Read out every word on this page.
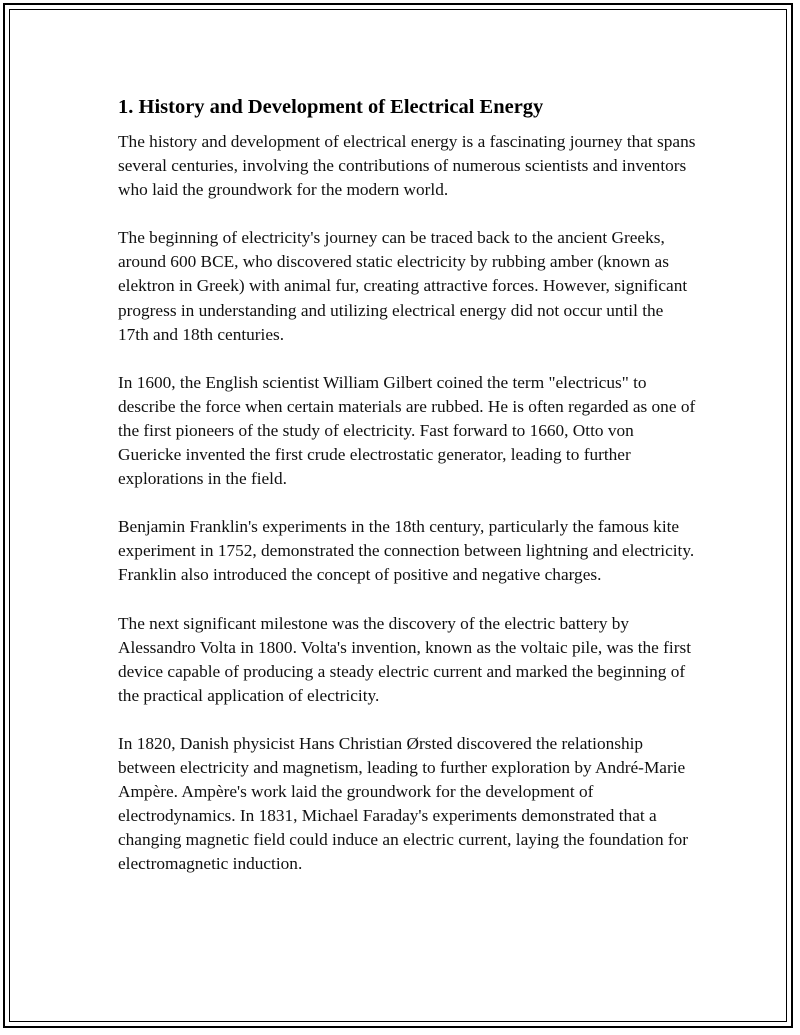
1. History and Development of Electrical Energy

The history and development of electrical energy is a fascinating journey that spans several centuries, involving the contributions of numerous scientists and inventors who laid the groundwork for the modern world.

The beginning of electricity's journey can be traced back to the ancient Greeks, around 600 BCE, who discovered static electricity by rubbing amber (known as elektron in Greek) with animal fur, creating attractive forces. However, significant progress in understanding and utilizing electrical energy did not occur until the 17th and 18th centuries.

In 1600, the English scientist William Gilbert coined the term "electricus" to describe the force when certain materials are rubbed. He is often regarded as one of the first pioneers of the study of electricity. Fast forward to 1660, Otto von Guericke invented the first crude electrostatic generator, leading to further explorations in the field.

Benjamin Franklin's experiments in the 18th century, particularly the famous kite experiment in 1752, demonstrated the connection between lightning and electricity. Franklin also introduced the concept of positive and negative charges.

The next significant milestone was the discovery of the electric battery by Alessandro Volta in 1800. Volta's invention, known as the voltaic pile, was the first device capable of producing a steady electric current and marked the beginning of the practical application of electricity.

In 1820, Danish physicist Hans Christian Ørsted discovered the relationship between electricity and magnetism, leading to further exploration by André-Marie Ampère. Ampère's work laid the groundwork for the development of electrodynamics. In 1831, Michael Faraday's experiments demonstrated that a changing magnetic field could induce an electric current, laying the foundation for electromagnetic induction.
